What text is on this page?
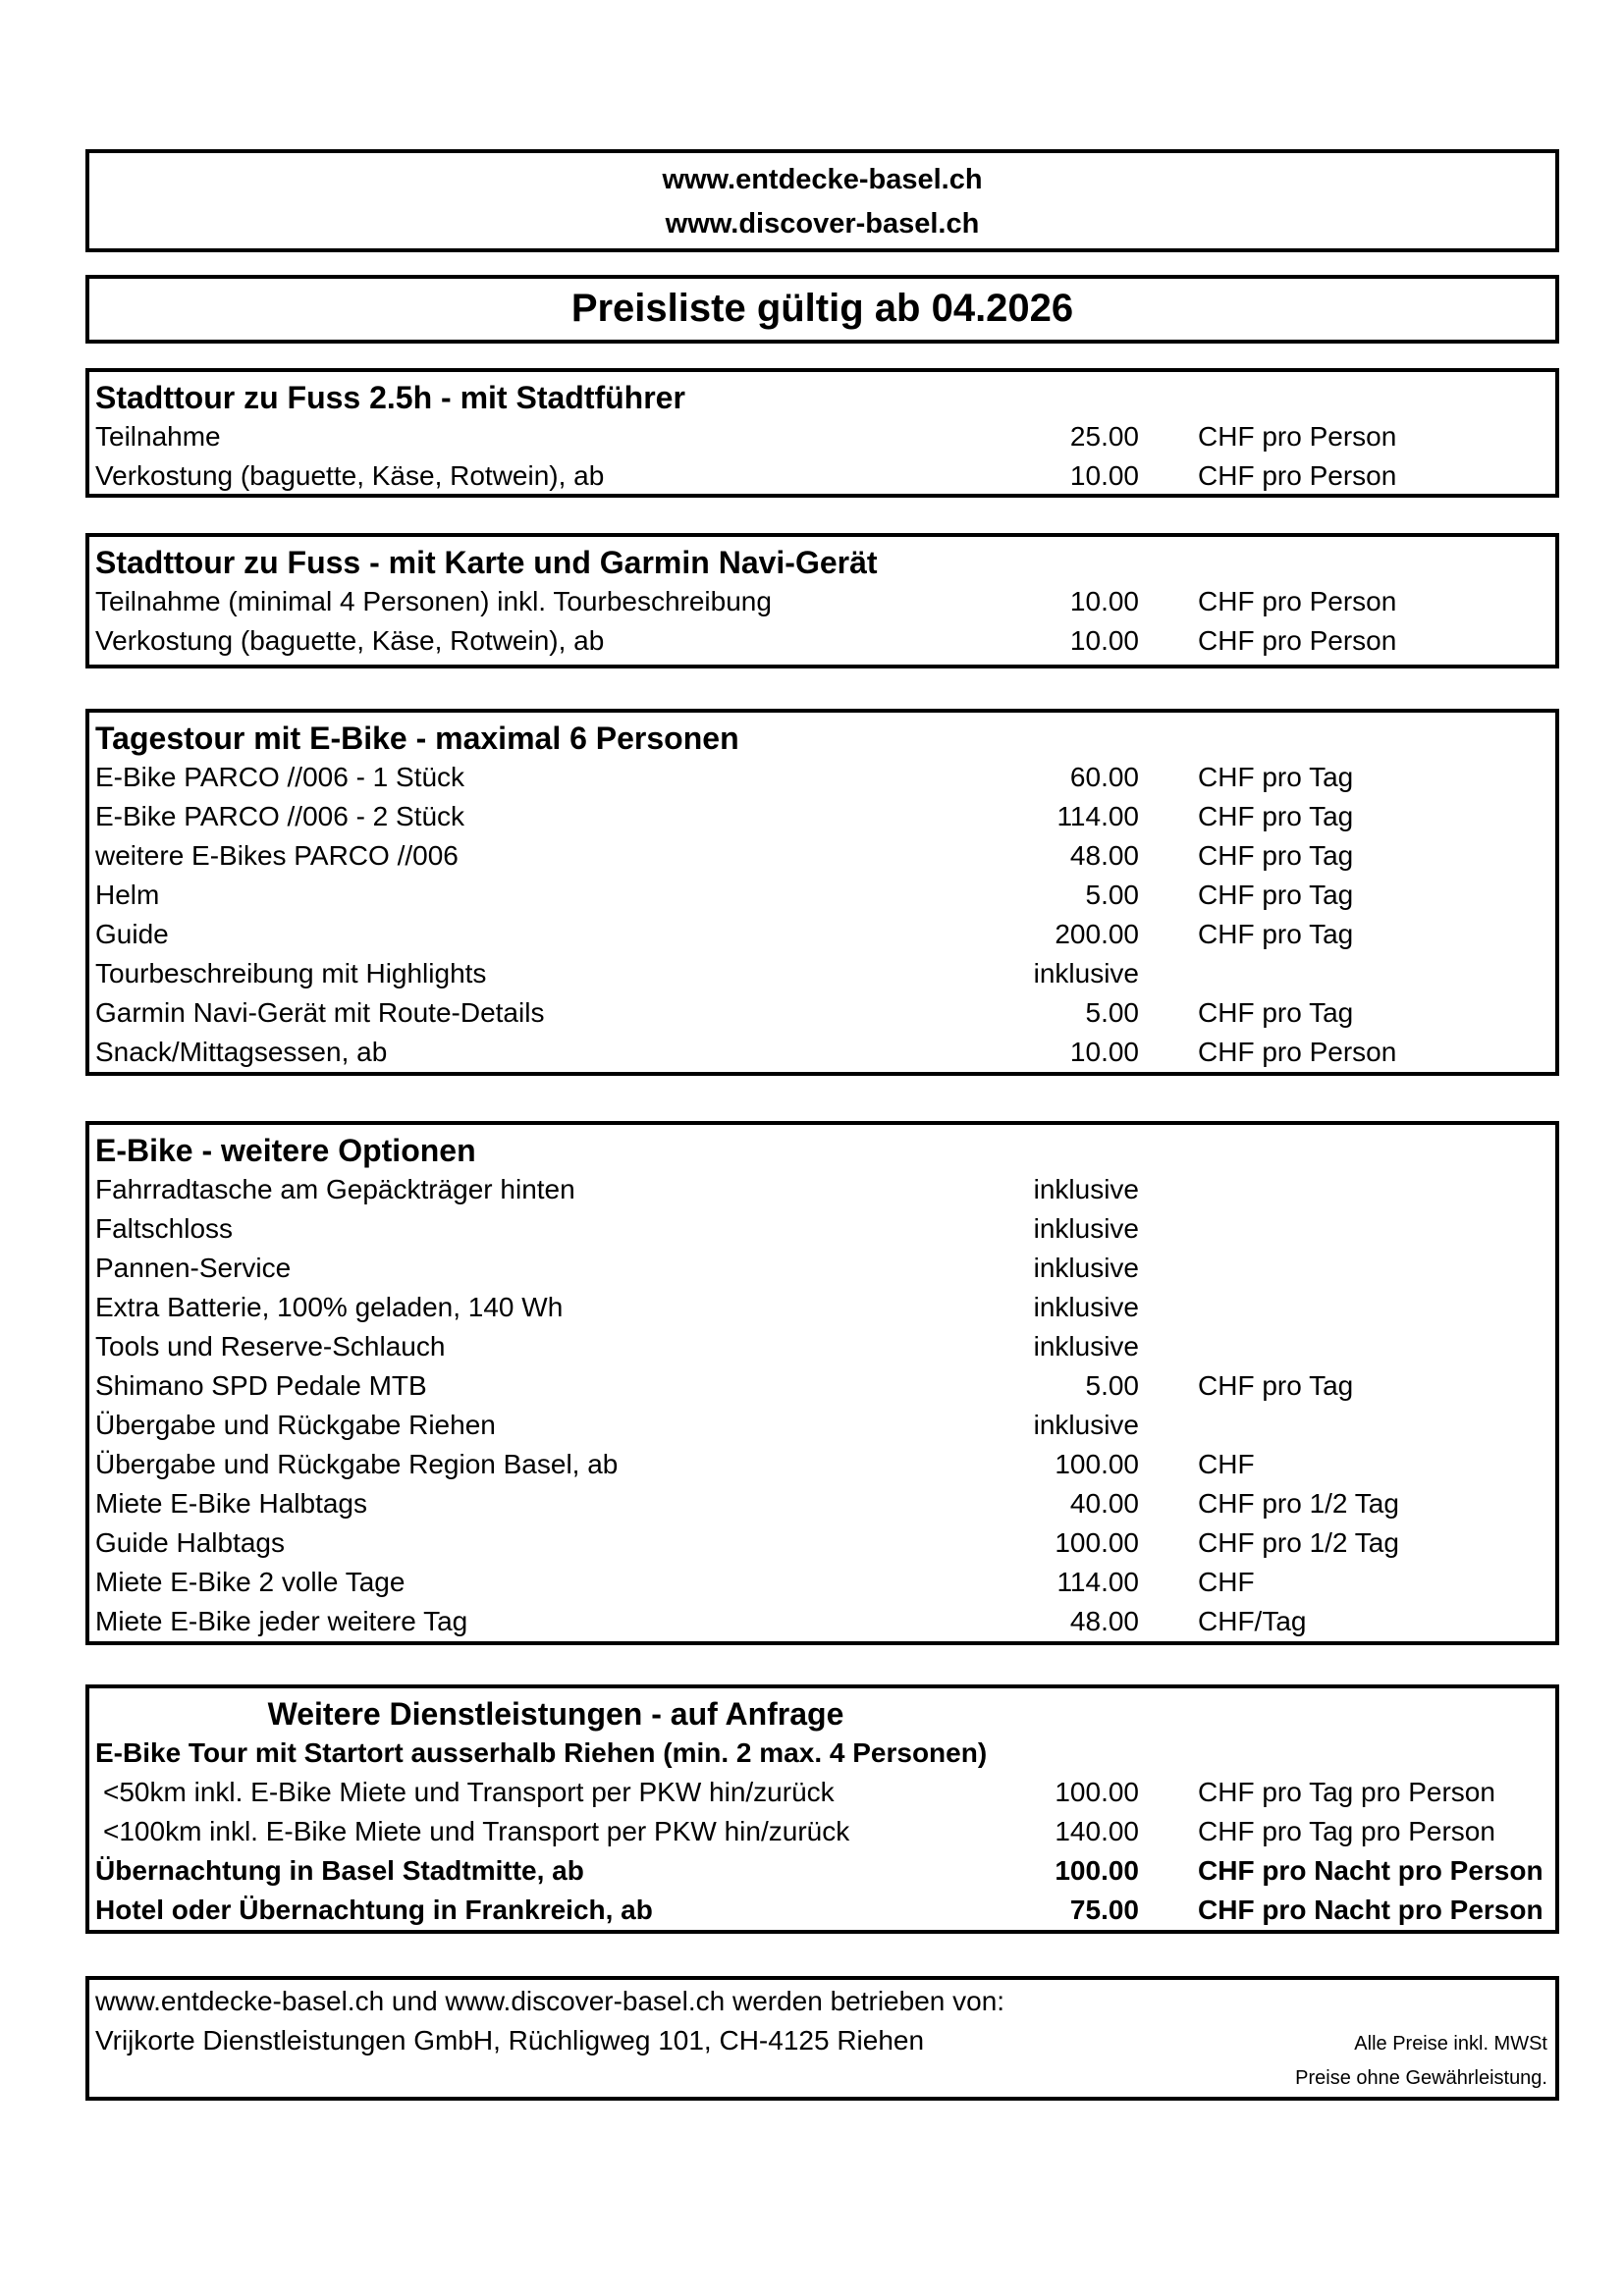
www.entdecke-basel.ch
www.discover-basel.ch
Preisliste gültig ab 04.2026
Stadttour zu Fuss 2.5h - mit Stadtführer
Teilnahme	25.00	CHF pro Person
Verkostung (baguette, Käse, Rotwein), ab	10.00	CHF pro Person
Stadttour zu Fuss - mit Karte und Garmin Navi-Gerät
Teilnahme (minimal 4 Personen) inkl. Tourbeschreibung	10.00	CHF pro Person
Verkostung (baguette, Käse, Rotwein), ab	10.00	CHF pro Person
Tagestour mit E-Bike - maximal 6 Personen
E-Bike PARCO //006 - 1 Stück	60.00	CHF pro Tag
E-Bike PARCO //006 - 2 Stück	114.00	CHF pro Tag
weitere E-Bikes PARCO //006	48.00	CHF pro Tag
Helm	5.00	CHF pro Tag
Guide	200.00	CHF pro Tag
Tourbeschreibung mit Highlights	inklusive
Garmin Navi-Gerät mit Route-Details	5.00	CHF pro Tag
Snack/Mittagsessen, ab	10.00	CHF pro Person
E-Bike - weitere Optionen
Fahrradtasche am Gepäckträger hinten	inklusive
Faltschloss	inklusive
Pannen-Service	inklusive
Extra Batterie, 100% geladen, 140 Wh	inklusive
Tools und Reserve-Schlauch	inklusive
Shimano SPD Pedale MTB	5.00	CHF pro Tag
Übergabe und Rückgabe Riehen	inklusive
Übergabe und Rückgabe Region Basel, ab	100.00	CHF
Miete E-Bike Halbtags	40.00	CHF pro 1/2 Tag
Guide Halbtags	100.00	CHF pro 1/2 Tag
Miete E-Bike 2 volle Tage	114.00	CHF
Miete E-Bike jeder weitere Tag	48.00	CHF/Tag
Weitere Dienstleistungen - auf Anfrage
E-Bike Tour mit Startort ausserhalb Riehen (min. 2 max. 4 Personen)
<50km inkl. E-Bike Miete und Transport per PKW hin/zurück	100.00	CHF pro Tag pro Person
<100km inkl. E-Bike Miete und Transport per PKW hin/zurück	140.00	CHF pro Tag pro Person
Übernachtung in Basel Stadtmitte, ab	100.00	CHF pro Nacht pro Person
Hotel oder Übernachtung in Frankreich, ab	75.00	CHF pro Nacht pro Person
www.entdecke-basel.ch und www.discover-basel.ch werden betrieben von:
Vrijkorte Dienstleistungen GmbH, Rüchligweg 101, CH-4125 Riehen	Alle Preise inkl. MWSt
Preise ohne Gewährleistung.
